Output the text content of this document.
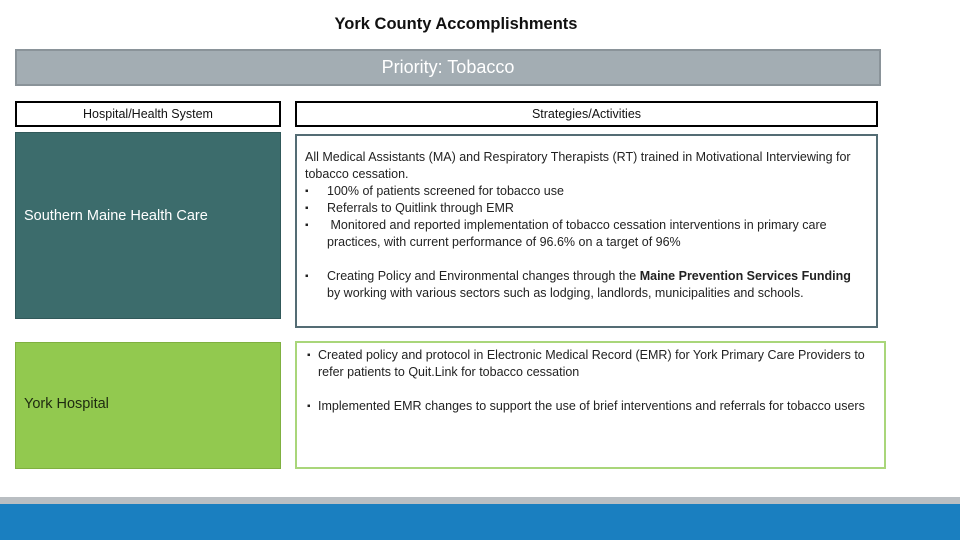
York County Accomplishments
Priority: Tobacco
Hospital/Health System	Strategies/Activities
Southern Maine Health Care
All Medical Assistants (MA) and Respiratory Therapists (RT) trained in Motivational Interviewing for tobacco cessation.
▪	100% of patients screened for tobacco use
▪	Referrals to Quitlink through EMR
▪	Monitored and reported implementation of tobacco cessation interventions in primary care practices, with current performance of 96.6% on a target of 96%
▪	Creating Policy and Environmental changes through the Maine Prevention Services Funding by working with various sectors such as lodging, landlords, municipalities and schools.
York Hospital
▪ Created policy and protocol in Electronic Medical Record (EMR) for York Primary Care Providers to refer patients to Quit.Link for tobacco cessation
▪ Implemented EMR changes to support the use of brief interventions and referrals for tobacco users
